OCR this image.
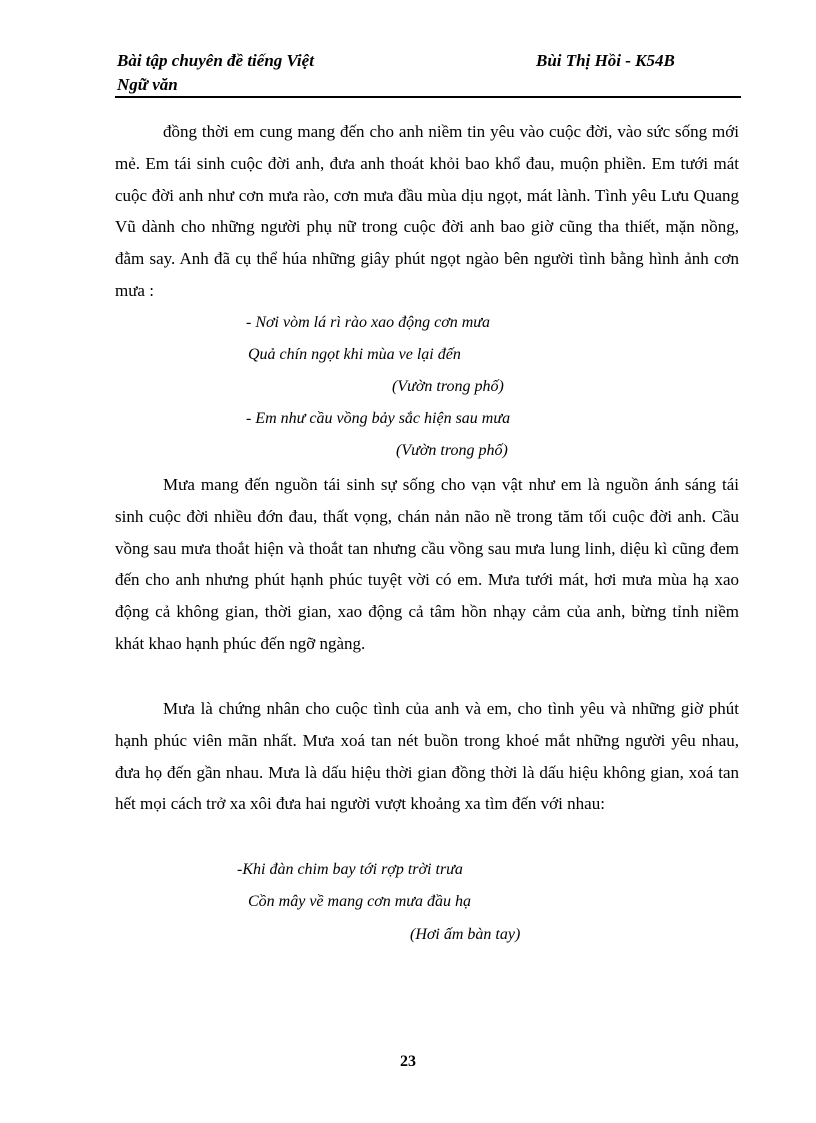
Bài tập chuyên đề tiếng Việt	Bùi Thị Hồi - K54B
Ngữ văn

đồng thời em cung mang đến cho anh niềm tin yêu vào cuộc đời, vào sức sống mới mẻ. Em tái sinh cuộc đời anh, đưa anh thoát khỏi bao khổ đau, muộn phiền. Em tưới mát cuộc đời anh như cơn mưa rào, cơn mưa đầu mùa dịu ngọt, mát lành. Tình yêu Lưu Quang Vũ dành cho những người phụ nữ trong cuộc đời anh bao giờ cũng tha thiết, mặn nồng, đằm say. Anh đã cụ thể húa những giây phút ngọt ngào bên người tình bằng hình ảnh cơn mưa :

- Nơi vòm lá rì rào xao động cơn mưa
Quả chín ngọt khi mùa ve lại đến
(Vườn trong phố)
- Em như cầu vồng bảy sắc hiện sau mưa
(Vườn trong phố)

Mưa mang đến nguồn tái sinh sự sống cho vạn vật như em là nguồn ánh sáng tái sinh cuộc đời nhiều đớn đau, thất vọng, chán nản não nề trong tăm tối cuộc đời anh. Cầu vồng sau mưa thoắt hiện và thoắt tan nhưng cầu vồng sau mưa lung linh, diệu kì cũng đem đến cho anh nhưng phút hạnh phúc tuyệt vời có em. Mưa tưới mát, hơi mưa mùa hạ xao động cả không gian, thời gian, xao động cả tâm hồn nhạy cảm của anh, bừng tỉnh niềm khát khao hạnh phúc đến ngỡ ngàng.

Mưa là chứng nhân cho cuộc tình của anh và em, cho tình yêu và những giờ phút hạnh phúc viên mãn nhất. Mưa xoá tan nét buồn trong khoé mắt những người yêu nhau, đưa họ đến gần nhau. Mưa là dấu hiệu thời gian đồng thời là dấu hiệu không gian, xoá tan hết mọi cách trở xa xôi đưa hai người vượt khoảng xa tìm đến với nhau:

-Khi đàn chim bay tới rợp trời trưa
Cồn mây về mang cơn mưa đầu hạ
(Hơi ấm bàn tay)
23
